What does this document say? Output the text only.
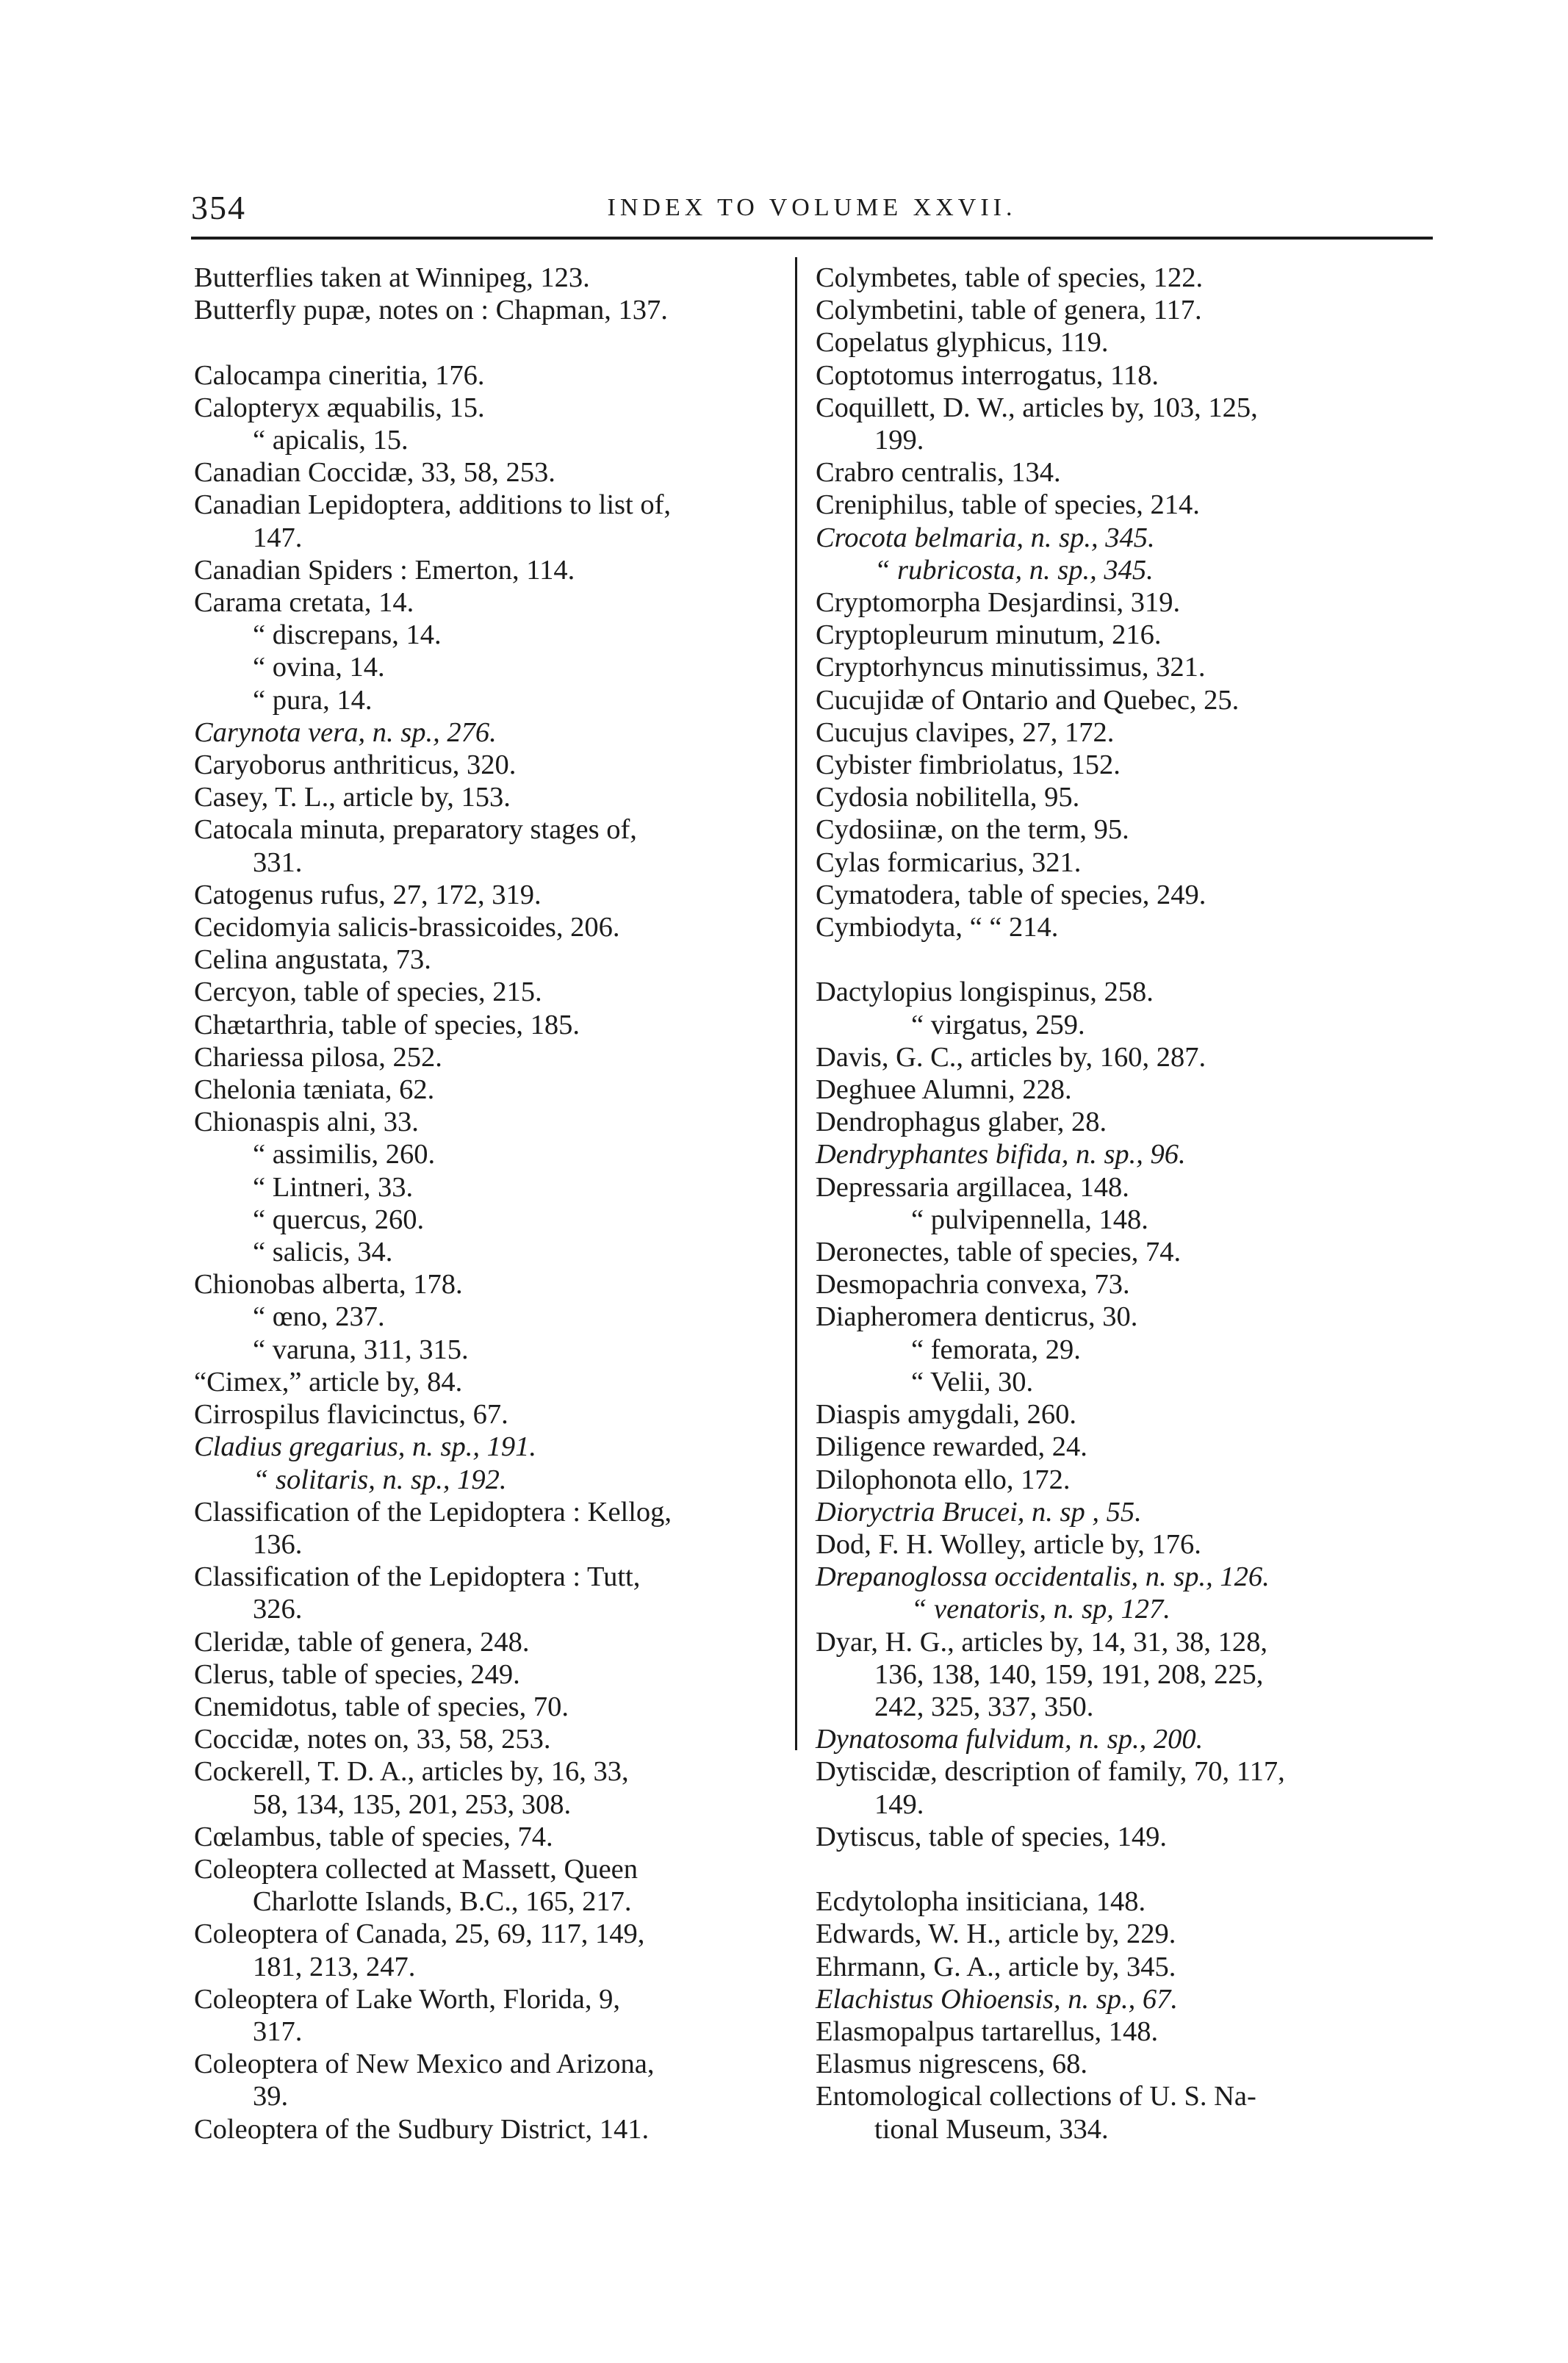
354	INDEX TO VOLUME XXVII.
Butterflies taken at Winnipeg, 123.
Butterfly pupæ, notes on : Chapman, 137.
Calocampa cineritia, 176.
Calopteryx æquabilis, 15.
“ apicalis, 15.
Canadian Coccidæ, 33, 58, 253.
Canadian Lepidoptera, additions to list of,
147.
Canadian Spiders : Emerton, 114.
Carama cretata, 14.
“ discrepans, 14.
“ ovina, 14.
“ pura, 14.
Carynota vera, n. sp., 276.
Caryoborus anthriticus, 320.
Casey, T. L., article by, 153.
Catocala minuta, preparatory stages of,
331.
Catogenus rufus, 27, 172, 319.
Cecidomyia salicis-brassicoides, 206.
Celina angustata, 73.
Cercyon, table of species, 215.
Chætarthria, table of species, 185.
Chariessa pilosa, 252.
Chelonia tæniata, 62.
Chionaspis alni, 33.
“ assimilis, 260.
“ Lintneri, 33.
“ quercus, 260.
“ salicis, 34.
Chionobas alberta, 178.
“ œno, 237.
“ varuna, 311, 315.
“Cimex,” article by, 84.
Cirrospilus flavicinctus, 67.
Cladius gregarius, n. sp., 191.
“ solitaris, n. sp., 192.
Classification of the Lepidoptera : Kellog,
136.
Classification of the Lepidoptera : Tutt,
326.
Cleridæ, table of genera, 248.
Clerus, table of species, 249.
Cnemidotus, table of species, 70.
Coccidæ, notes on, 33, 58, 253.
Cockerell, T. D. A., articles by, 16, 33,
58, 134, 135, 201, 253, 308.
Cœlambus, table of species, 74.
Coleoptera collected at Massett, Queen
Charlotte Islands, B.C., 165, 217.
Coleoptera of Canada, 25, 69, 117, 149,
181, 213, 247.
Coleoptera of Lake Worth, Florida, 9,
317.
Coleoptera of New Mexico and Arizona,
39.
Coleoptera of the Sudbury District, 141.
Colymbetes, table of species, 122.
Colymbetini, table of genera, 117.
Copelatus glyphicus, 119.
Coptotomus interrogatus, 118.
Coquillett, D. W., articles by, 103, 125,
199.
Crabro centralis, 134.
Creniphilus, table of species, 214.
Crocota belmaria, n. sp., 345.
“ rubricosta, n. sp., 345.
Cryptomorpha Desjardinsi, 319.
Cryptopleurum minutum, 216.
Cryptorhyncus minutissimus, 321.
Cucujidæ of Ontario and Quebec, 25.
Cucujus clavipes, 27, 172.
Cybister fimbriolatus, 152.
Cydosia nobilitella, 95.
Cydosiinæ, on the term, 95.
Cylas formicarius, 321.
Cymatodera, table of species, 249.
Cymbiodyta, “ “ 214.
Dactylopius longispinus, 258.
“ virgatus, 259.
Davis, G. C., articles by, 160, 287.
Deghuee Alumni, 228.
Dendrophagus glaber, 28.
Dendryphantes bifida, n. sp., 96.
Depressaria argillacea, 148.
“ pulvipennella, 148.
Deronectes, table of species, 74.
Desmopachria convexa, 73.
Diapheromera denticrus, 30.
“ femorata, 29.
“ Velii, 30.
Diaspis amygdali, 260.
Diligence rewarded, 24.
Dilophonota ello, 172.
Dioryctria Brucei, n. sp , 55.
Dod, F. H. Wolley, article by, 176.
Drepanoglossa occidentalis, n. sp., 126.
“ venatoris, n. sp, 127.
Dyar, H. G., articles by, 14, 31, 38, 128,
136, 138, 140, 159, 191, 208, 225,
242, 325, 337, 350.
Dynatosoma fulvidum, n. sp., 200.
Dytiscidæ, description of family, 70, 117,
149.
Dytiscus, table of species, 149.
Ecdytolopha insiticiana, 148.
Edwards, W. H., article by, 229.
Ehrmann, G. A., article by, 345.
Elachistus Ohioensis, n. sp., 67.
Elasmopalpus tartarellus, 148.
Elasmus nigrescens, 68.
Entomological collections of U. S. Na-
tional Museum, 334.
